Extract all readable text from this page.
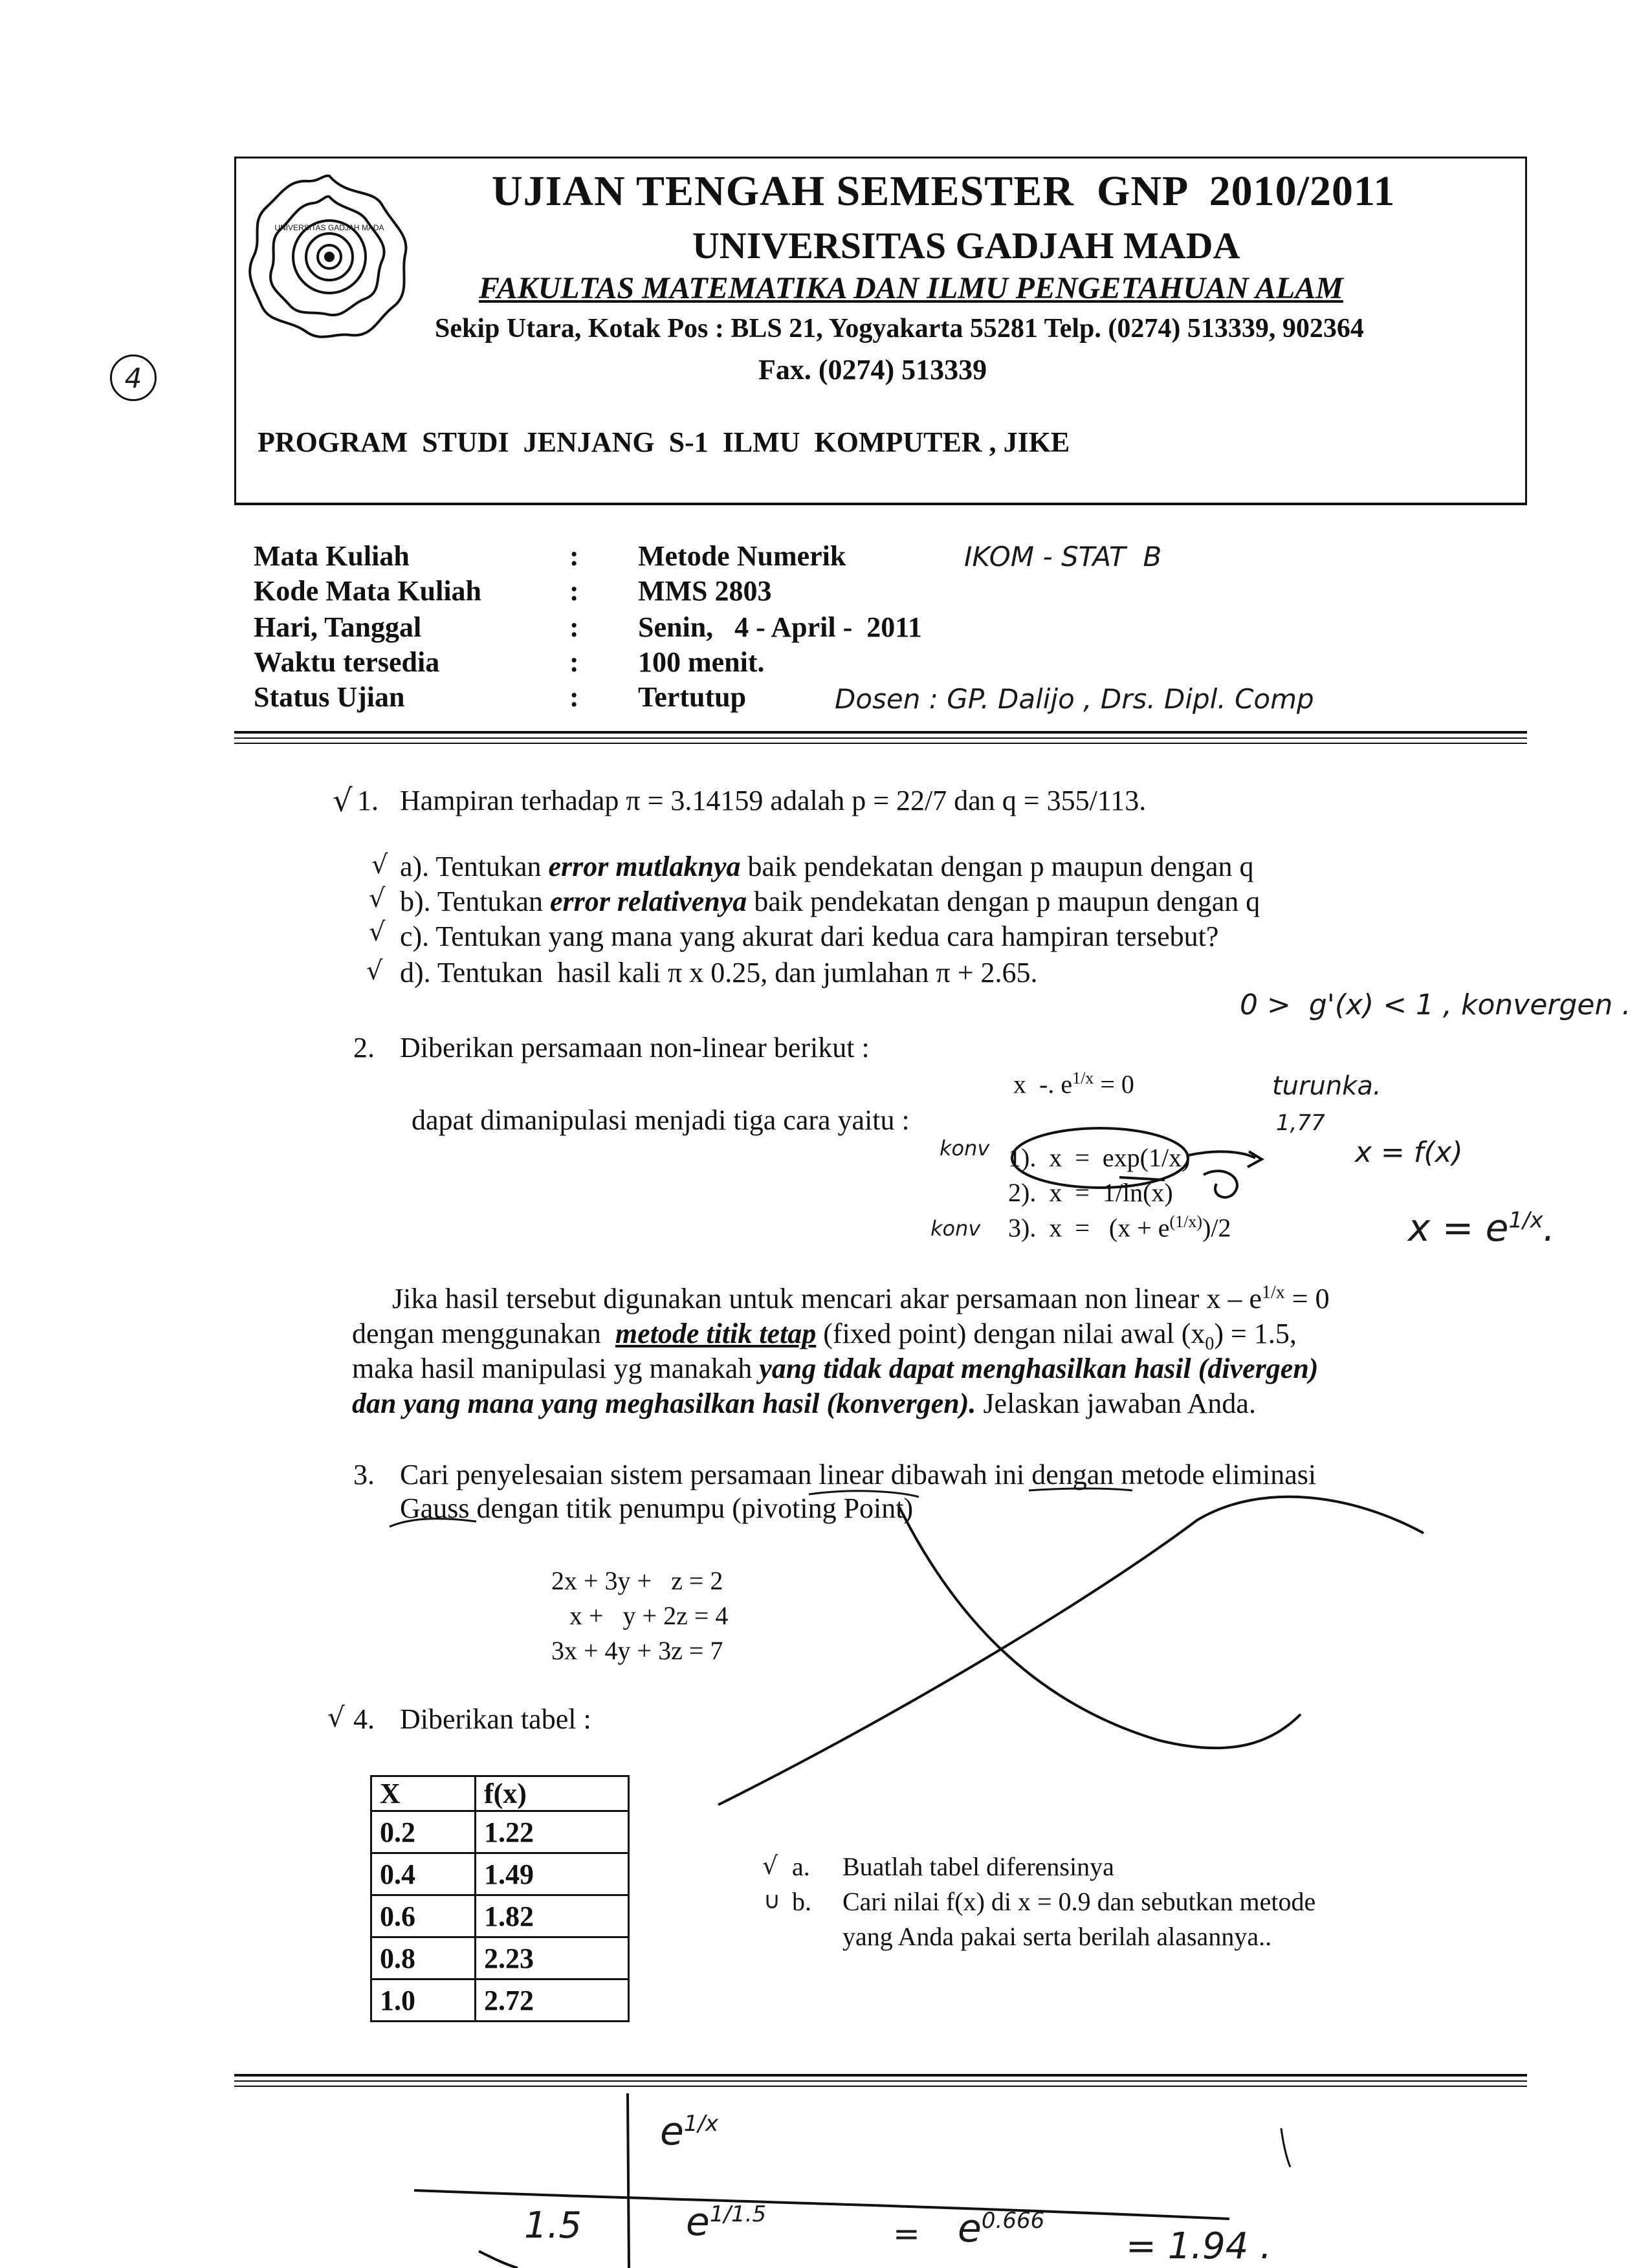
UNIVERSITAS GADJAH MADA
UJIAN TENGAH SEMESTER  GNP  2010/2011
UNIVERSITAS GADJAH MADA
FAKULTAS MATEMATIKA DAN ILMU PENGETAHUAN ALAM
Sekip Utara, Kotak Pos : BLS 21, Yogyakarta 55281 Telp. (0274) 513339, 902364
Fax. (0274) 513339
PROGRAM  STUDI  JENJANG  S-1  ILMU  KOMPUTER , JIKE
4
Mata Kuliah	: Metode Numerik
Kode Mata Kuliah	: MMS 2803
Hari, Tanggal	: Senin,   4 - April -  2011
Waktu tersedia	: 100 menit.
Status Ujian	: Tertutup
IKOM - STAT  B
Dosen : GP. Dalijo , Drs. Dipl. Comp
√ 1. Hampiran terhadap π = 3.14159 adalah p = 22/7 dan q = 355/113.
√ a). Tentukan error mutlaknya baik pendekatan dengan p maupun dengan q
√ b). Tentukan error relativenya baik pendekatan dengan p maupun dengan q
√ c). Tentukan yang mana yang akurat dari kedua cara hampiran tersebut?
√ d). Tentukan  hasil kali π x 0.25, dan jumlahan π + 2.65.
2. Diberikan persamaan non-linear berikut :
x  -. $e^{1/x} = 0$
dapat dimanipulasi menjadi tiga cara yaitu :
1).  x  =  exp(1/x)
2).  x  =  1/ln(x)
3).  $x = (x + e^{(1/x)})/2$
0 >  g'(x) < 1 , konvergen .
turunka.
1,77
x = f(x)
$x = e^{1/x}$.
konv
konv
Jika hasil tersebut digunakan untuk mencari akar persamaan non linear $x - e^{1/x} = 0$
dengan menggunakan  metode titik tetap (fixed point) dengan nilai awal $(x_0) = 1.5$,
maka hasil manipulasi yg manakah yang tidak dapat menghasilkan hasil (divergen)
dan yang mana yang meghasilkan hasil (konvergen). Jelaskan jawaban Anda.
3. Cari penyelesaian sistem persamaan linear dibawah ini dengan metode eliminasi
Gauss dengan titik penumpu (pivoting Point)
2x + 3y +   z = 2
x +   y + 2z = 4
3x + 4y + 3z = 7
√ 4. Diberikan tabel :
X	f(x)
0.2	1.22
0.4	1.49
0.6	1.82
0.8	2.23
1.0	2.72
√ a. Buatlah tabel diferensinya
∪ b. Cari nilai f(x) di x = 0.9 dan sebutkan metode
yang Anda pakai serta berilah alasannya..
$e^{1/x}$
1.5	$e^{1/1.5}$
= $e^{0.666}$
= 1.94 .
